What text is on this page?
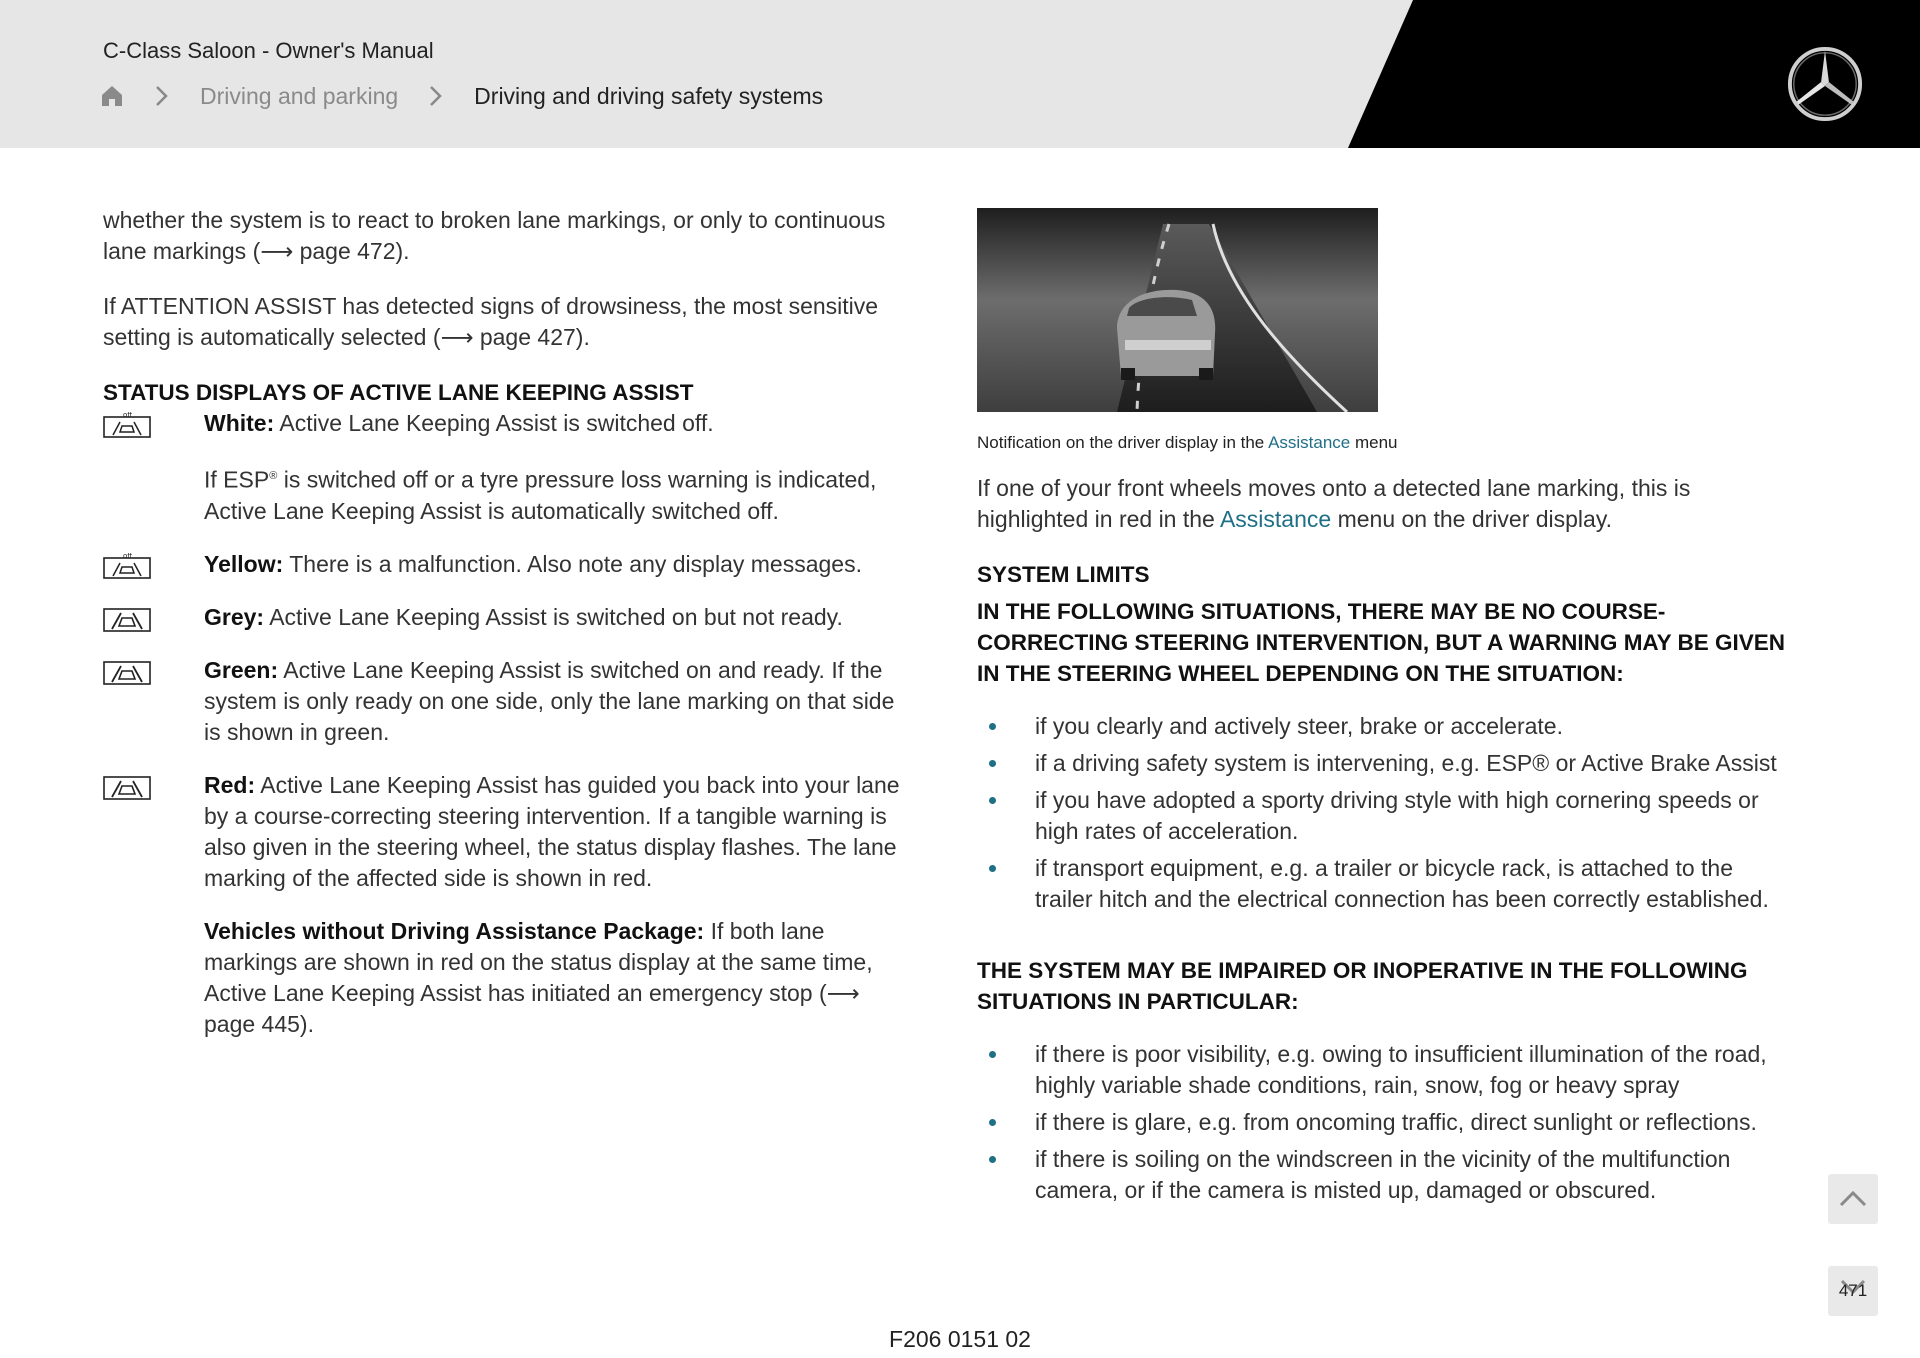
C-Class Saloon - Owner's Manual
Driving and parking	Driving and driving safety systems

whether the system is to react to broken lane markings, or only to continuous lane markings (⟶ page 472).

If ATTENTION ASSIST has detected signs of drowsiness, the most sensitive setting is automatically selected (⟶ page 427).

STATUS DISPLAYS OF ACTIVE LANE KEEPING ASSIST
off	White: Active Lane Keeping Assist is switched off.
If ESP® is switched off or a tyre pressure loss warning is indicated, Active Lane Keeping Assist is automatically switched off.
off	Yellow: There is a malfunction. Also note any display messages.
Grey: Active Lane Keeping Assist is switched on but not ready.
Green: Active Lane Keeping Assist is switched on and ready. If the system is only ready on one side, only the lane marking on that side is shown in green.
Red: Active Lane Keeping Assist has guided you back into your lane by a course-correcting steering intervention. If a tangible warning is also given in the steering wheel, the status display flashes. The lane marking of the affected side is shown in red.
Vehicles without Driving Assistance Package: If both lane markings are shown in red on the status display at the same time, Active Lane Keeping Assist has initiated an emergency stop (⟶ page 445).
Notification on the driver display in the Assistance menu

If one of your front wheels moves onto a detected lane marking, this is highlighted in red in the Assistance menu on the driver display.

SYSTEM LIMITS
IN THE FOLLOWING SITUATIONS, THERE MAY BE NO COURSE-CORRECTING STEERING INTERVENTION, BUT A WARNING MAY BE GIVEN IN THE STEERING WHEEL DEPENDING ON THE SITUATION:
if you clearly and actively steer, brake or accelerate.
if a driving safety system is intervening, e.g. ESP® or Active Brake Assist
if you have adopted a sporty driving style with high cornering speeds or high rates of acceleration.
if transport equipment, e.g. a trailer or bicycle rack, is attached to the trailer hitch and the electrical connection has been correctly established.
THE SYSTEM MAY BE IMPAIRED OR INOPERATIVE IN THE FOLLOWING SITUATIONS IN PARTICULAR:
if there is poor visibility, e.g. owing to insufficient illumination of the road, highly variable shade conditions, rain, snow, fog or heavy spray
if there is glare, e.g. from oncoming traffic, direct sunlight or reflections.
if there is soiling on the windscreen in the vicinity of the multifunction camera, or if the camera is misted up, damaged or obscured.
471
F206 0151 02
